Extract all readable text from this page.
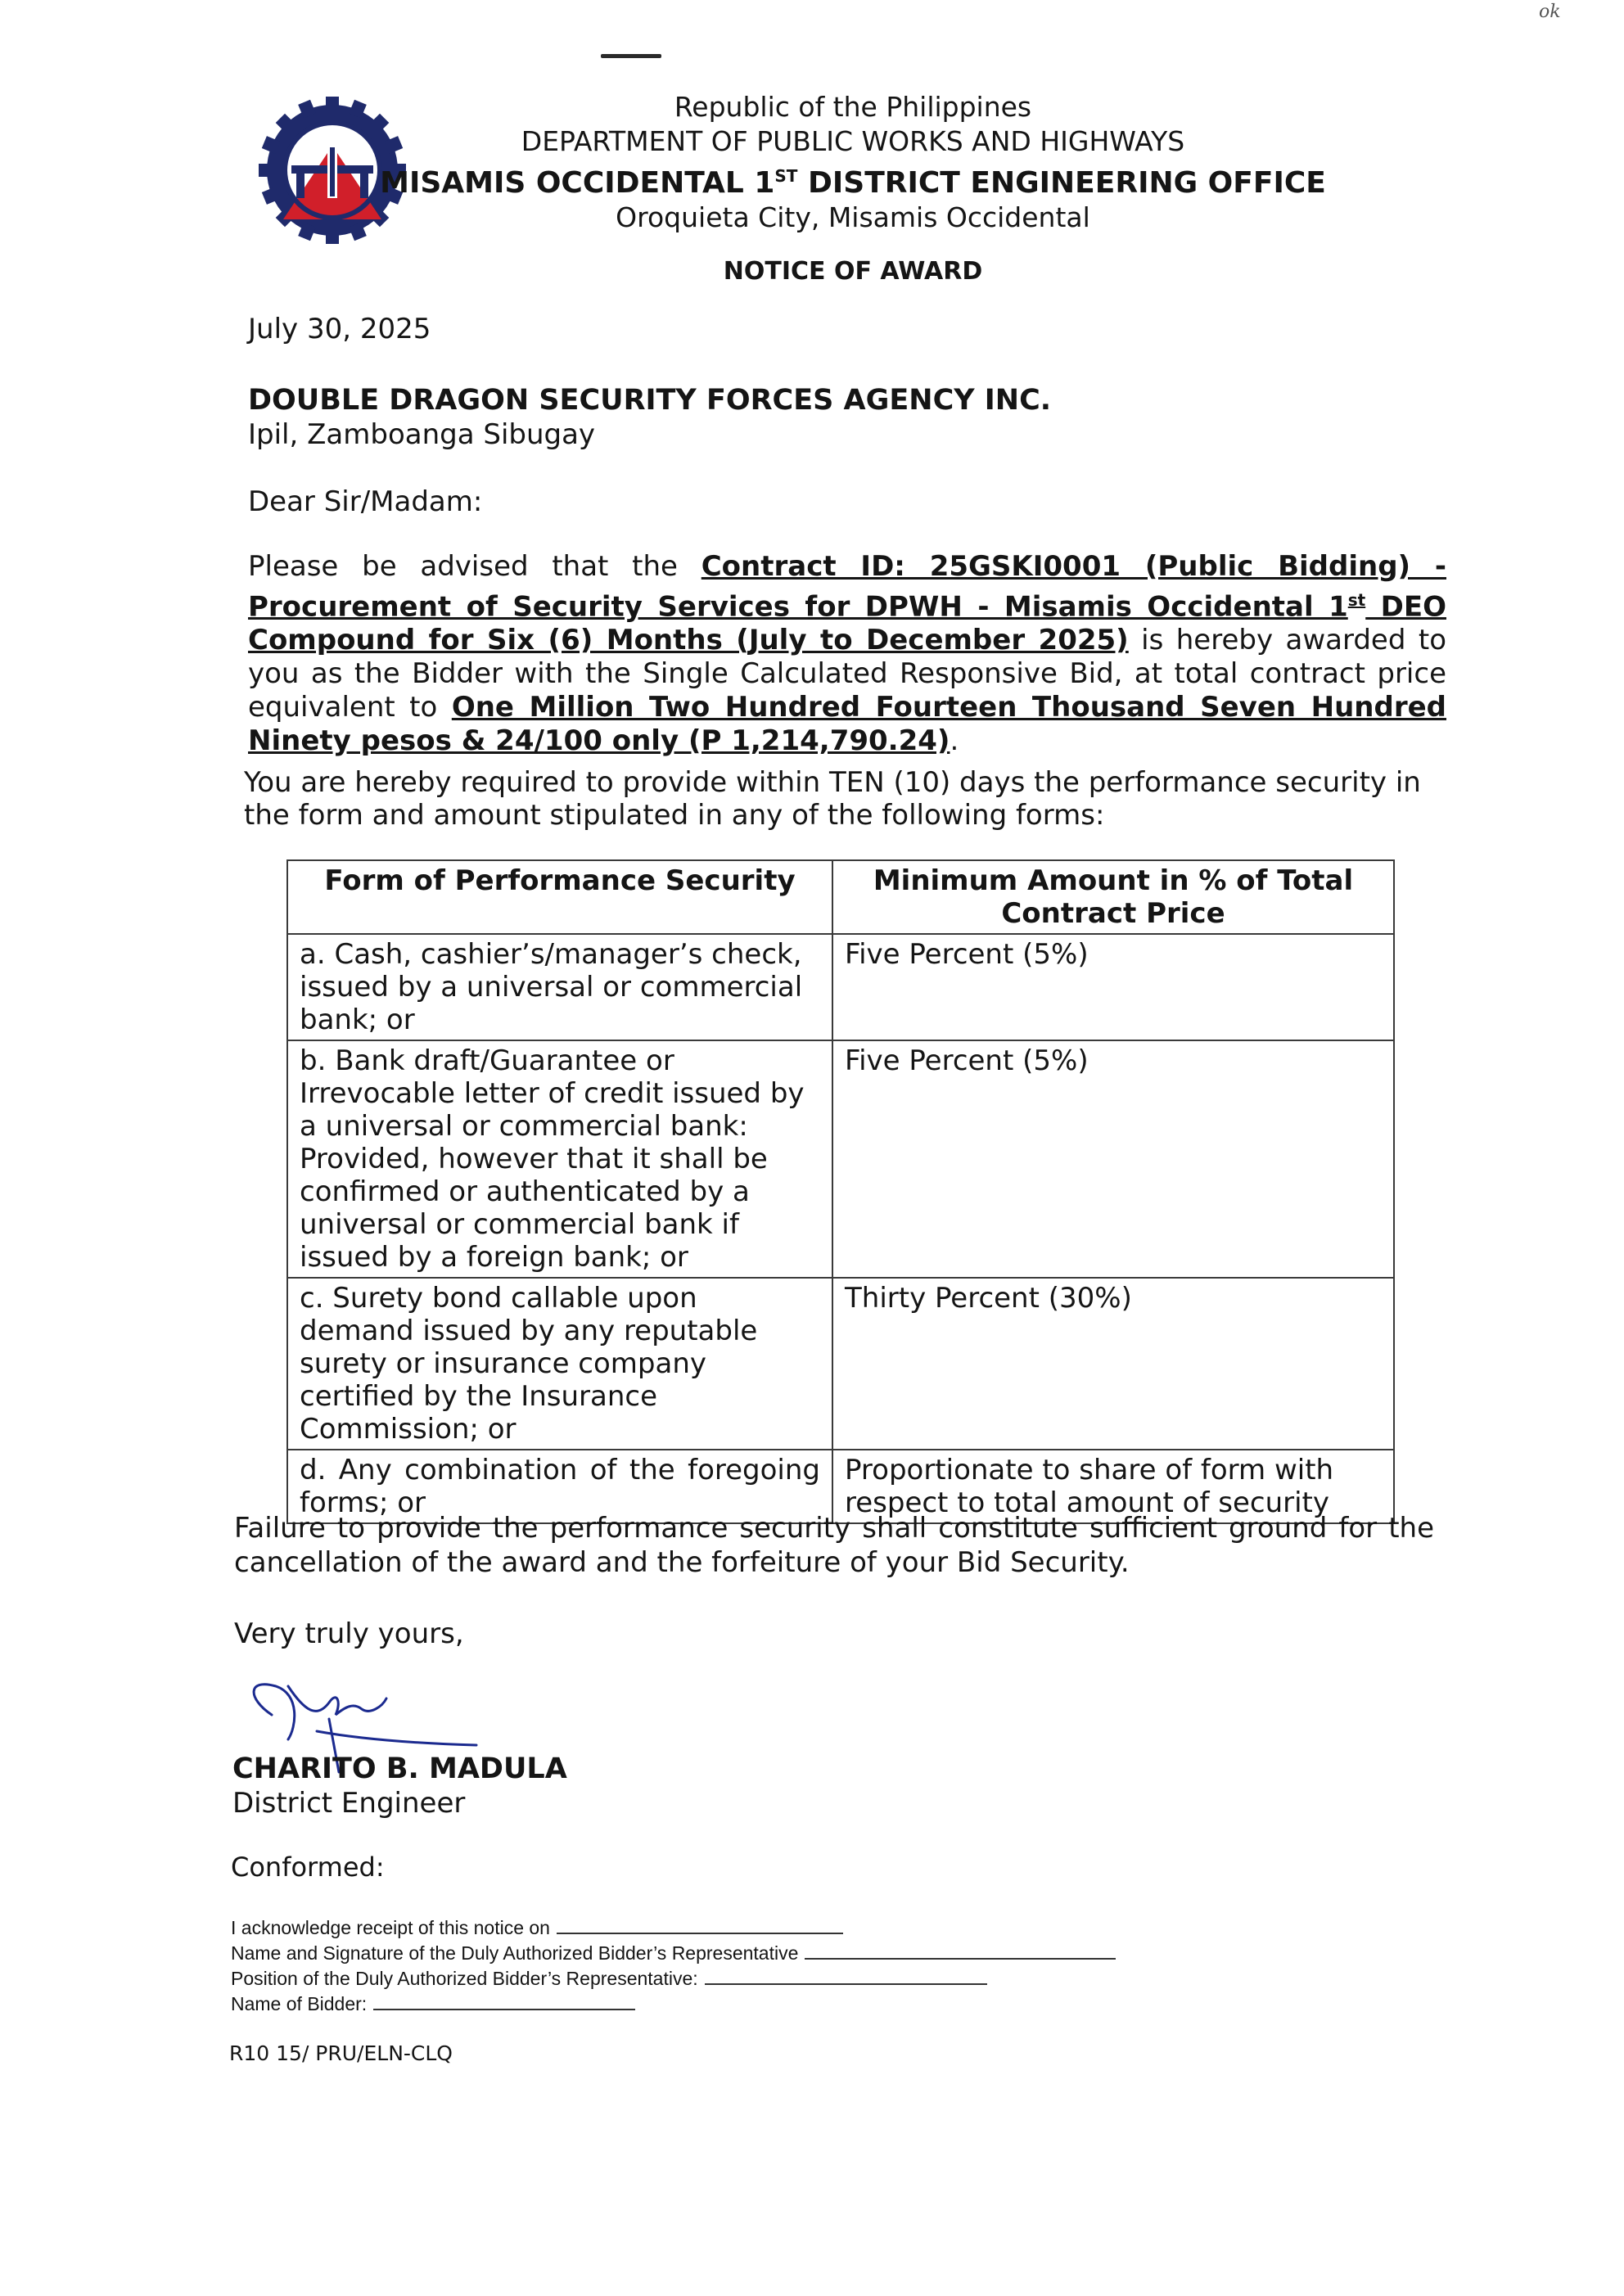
ok
Republic of the Philippines
DEPARTMENT OF PUBLIC WORKS AND HIGHWAYS
MISAMIS OCCIDENTAL 1ST DISTRICT ENGINEERING OFFICE
Oroquieta City, Misamis Occidental
NOTICE OF AWARD
July 30, 2025
DOUBLE DRAGON SECURITY FORCES AGENCY INC.
Ipil, Zamboanga Sibugay
Dear Sir/Madam:
Please be advised that the Contract ID: 25GSKI0001 (Public Bidding) - Procurement of Security Services for DPWH - Misamis Occidental 1st DEO Compound for Six (6) Months (July to December 2025) is hereby awarded to you as the Bidder with the Single Calculated Responsive Bid, at total contract price equivalent to One Million Two Hundred Fourteen Thousand Seven Hundred Ninety pesos & 24/100 only (P 1,214,790.24).
You are hereby required to provide within TEN (10) days the performance security in the form and amount stipulated in any of the following forms:
Form of Performance Security	Minimum Amount in % of Total Contract Price
a. Cash, cashier’s/manager’s check, issued by a universal or commercial bank; or	Five Percent (5%)
b. Bank draft/Guarantee or Irrevocable letter of credit issued by a universal or commercial bank: Provided, however that it shall be confirmed or authenticated by a universal or commercial bank if issued by a foreign bank; or	Five Percent (5%)
c. Surety bond callable upon demand issued by any reputable surety or insurance company certified by the Insurance Commission; or	Thirty Percent (30%)
d. Any combination of the foregoing forms; or	Proportionate to share of form with respect to total amount of security
Failure to provide the performance security shall constitute sufficient ground for the cancellation of the award and the forfeiture of your Bid Security.
Very truly yours,
CHARITO B. MADULA
District Engineer
Conformed:
I acknowledge receipt of this notice on
Name and Signature of the Duly Authorized Bidder’s Representative
Position of the Duly Authorized Bidder’s Representative:
Name of Bidder:
R10 15/ PRU/ELN-CLQ
